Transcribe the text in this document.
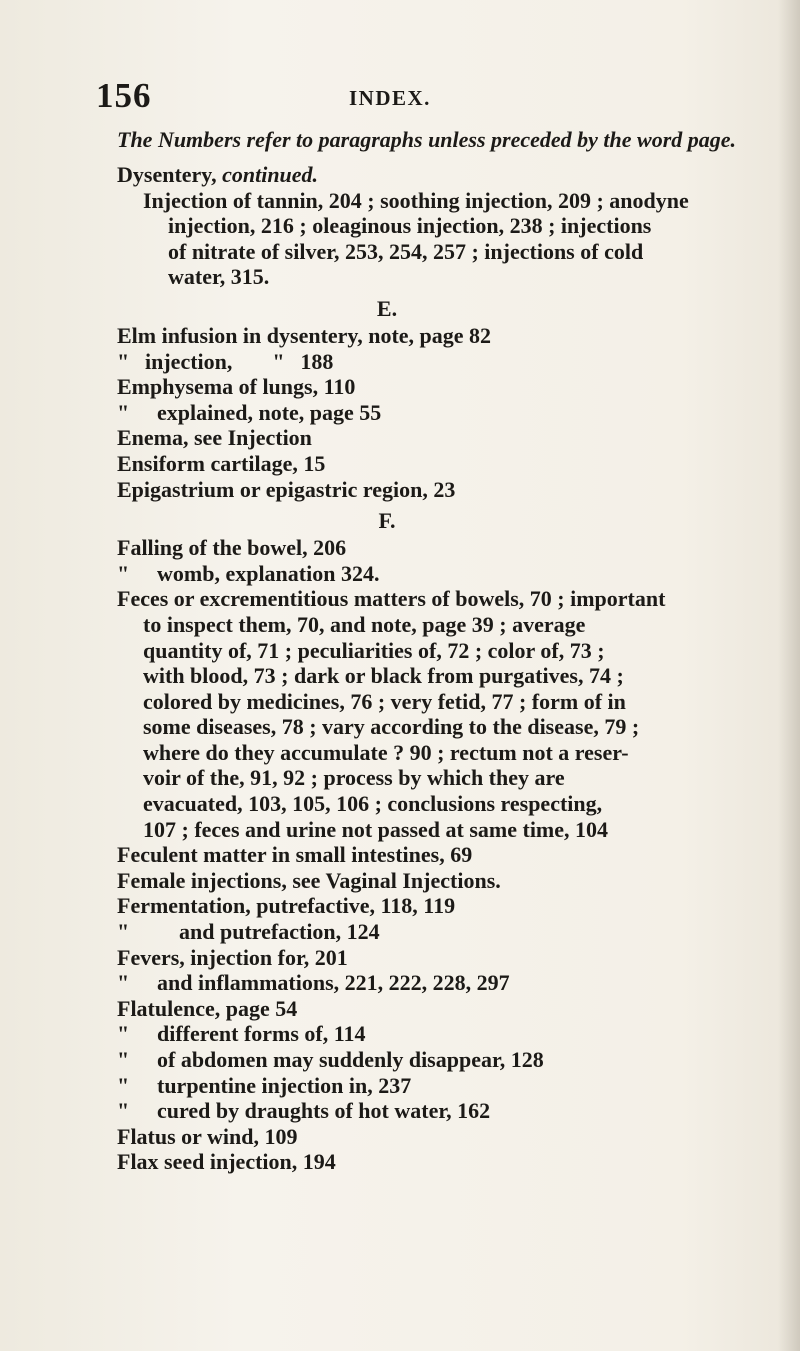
156	INDEX.
The Numbers refer to paragraphs unless preceded by the word page.
Dysentery, continued.
Injection of tannin, 204 ; soothing injection, 209 ; anodyne
injection, 216 ; oleaginous injection, 238 ; injections
of nitrate of silver, 253, 254, 257 ; injections of cold
water, 315.
E.
Elm infusion in dysentery, note, page 82
" injection, " 188
Emphysema of lungs, 110
" explained, note, page 55
Enema, see Injection
Ensiform cartilage, 15
Epigastrium or epigastric region, 23
F.
Falling of the bowel, 206
" womb, explanation 324.
Feces or excrementitious matters of bowels, 70 ; important
to inspect them, 70, and note, page 39 ; average
quantity of, 71 ; peculiarities of, 72 ; color of, 73 ;
with blood, 73 ; dark or black from purgatives, 74 ;
colored by medicines, 76 ; very fetid, 77 ; form of in
some diseases, 78 ; vary according to the disease, 79 ;
where do they accumulate ? 90 ; rectum not a reser-
voir of the, 91, 92 ; process by which they are
evacuated, 103, 105, 106 ; conclusions respecting,
107 ; feces and urine not passed at same time, 104
Feculent matter in small intestines, 69
Female injections, see Vaginal Injections.
Fermentation, putrefactive, 118, 119
" and putrefaction, 124
Fevers, injection for, 201
" and inflammations, 221, 222, 228, 297
Flatulence, page 54
" different forms of, 114
" of abdomen may suddenly disappear, 128
" turpentine injection in, 237
" cured by draughts of hot water, 162
Flatus or wind, 109
Flax seed injection, 194
